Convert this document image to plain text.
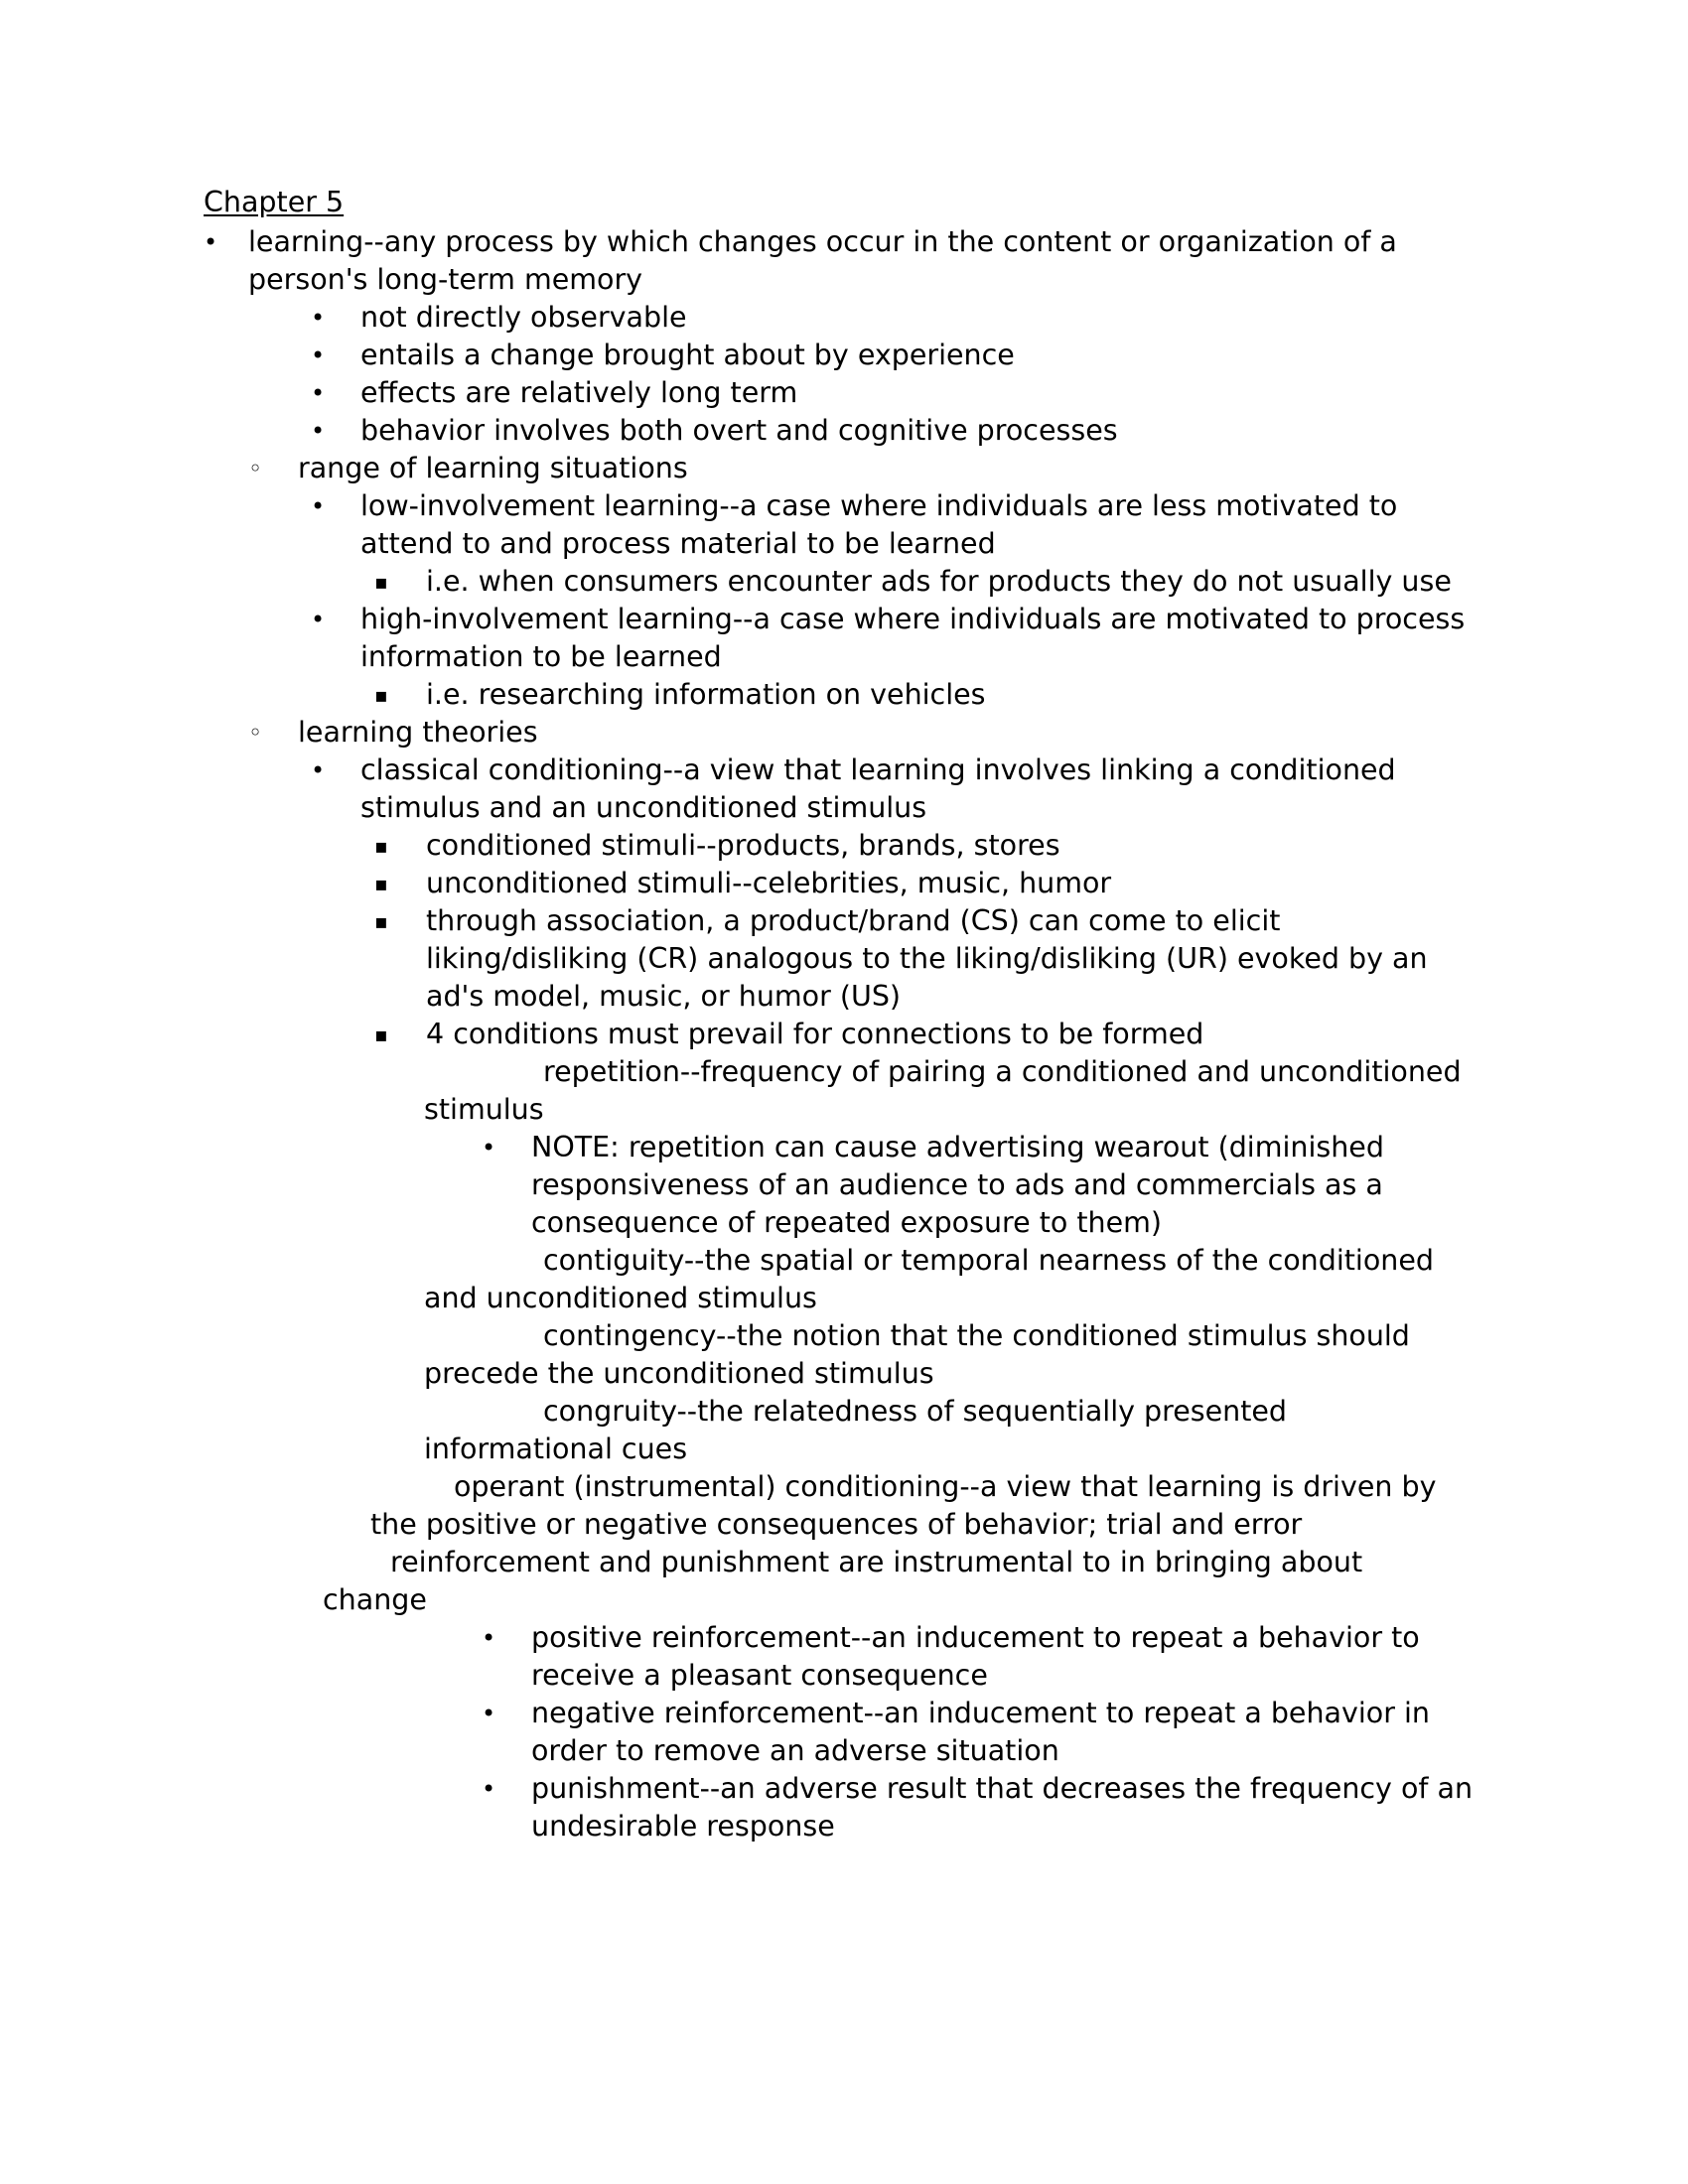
Chapter 5
•	learning--any process by which changes occur in the content or organization of a person's long-term memory
•	not directly observable
•	entails a change brought about by experience
•	effects are relatively long term
•	behavior involves both overt and cognitive processes
◦	range of learning situations
•	low-involvement learning--a case where individuals are less motivated to attend to and process material to be learned
▪	i.e. when consumers encounter ads for products they do not usually use
•	high-involvement learning--a case where individuals are motivated to process information to be learned
▪	i.e. researching information on vehicles
◦	learning theories
•	classical conditioning--a view that learning involves linking a conditioned stimulus and an unconditioned stimulus
▪	conditioned stimuli--products, brands, stores
▪	unconditioned stimuli--celebrities, music, humor
▪	through association, a product/brand (CS) can come to elicit liking/disliking (CR) analogous to the liking/disliking (UR) evoked by an ad's model, music, or humor (US)
▪	4 conditions must prevail for connections to be formed
repetition--frequency of pairing a conditioned and unconditioned stimulus
•	NOTE: repetition can cause advertising wearout (diminished responsiveness of an audience to ads and commercials as a consequence of repeated exposure to them)
contiguity--the spatial or temporal nearness of the conditioned and unconditioned stimulus
contingency--the notion that the conditioned stimulus should precede the unconditioned stimulus
congruity--the relatedness of sequentially presented informational cues
operant (instrumental) conditioning--a view that learning is driven by the positive or negative consequences of behavior; trial and error
reinforcement and punishment are instrumental to in bringing about change
•	positive reinforcement--an inducement to repeat a behavior to receive a pleasant consequence
•	negative reinforcement--an inducement to repeat a behavior in order to remove an adverse situation
•	punishment--an adverse result that decreases the frequency of an undesirable response
